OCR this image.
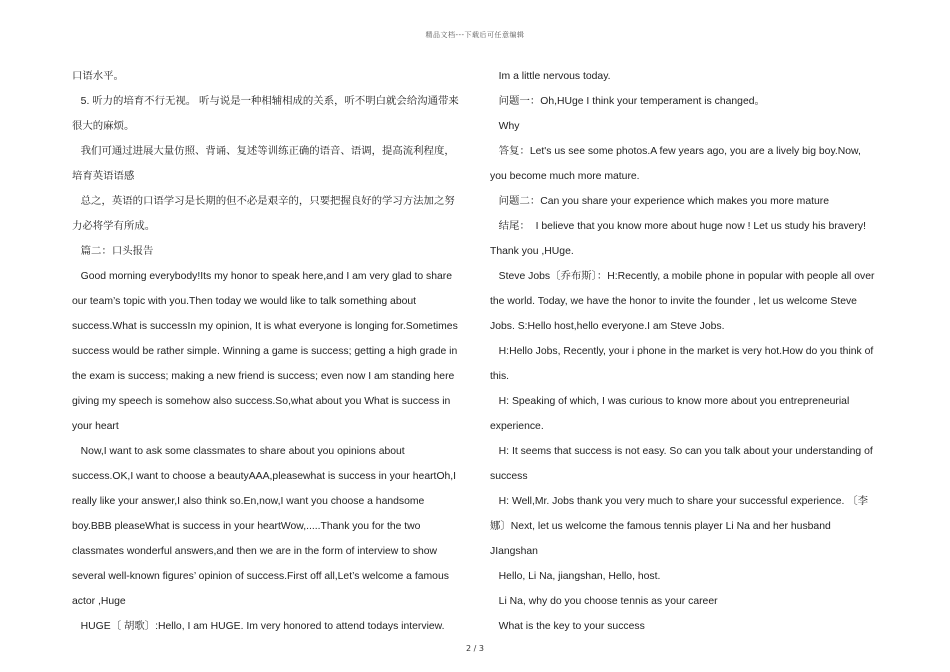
精品文档---下载后可任意编辑

口语水平。

5. 听力的培育不行无视。 听与说是一种相辅相成的关系，听不明白就会给沟通带来很大的麻烦。

我们可通过进展大量仿照、背诵、复述等训练正确的语音、语调，提高流利程度，培育英语语感

总之，英语的口语学习是长期的但不必是艰辛的，只要把握良好的学习方法加之努力必将学有所成。

篇二：口头报告

Good morning everybody!Its my honor to speak here,and I am very glad to share our team’s topic with you.Then today we would like to talk something about success.What is successIn my opinion, It is what everyone is longing for.Sometimes success would be rather simple. Winning a game is success; getting a high grade in the exam is success; making a new friend is success; even now I am standing here giving my speech is somehow also success.So,what about you What is success in your heart

Now,I want to ask some classmates to share about you opinions about success.OK,I want to choose a beautyAAA,pleasewhat is success in your heartOh,I really like your answer,I also think so.En,now,I want you choose a handsome boy.BBB pleaseWhat is success in your heartWow,.....Thank you for the two classmates wonderful answers,and then we are in the form of interview to show several well-known figures’ opinion of success.First off all,Let’s welcome a famous actor ,Huge

HUGE〔 胡歌〕:Hello, I am HUGE. Im very honored to attend todays interview.

Im a little nervous today.

问题一：Oh,HUge I think your temperament is changed。

Why

答复：Let's us see some photos.A few years ago, you are a lively big boy.Now, you become much more mature.

问题二：Can you share your experience which makes you more mature

结尾：  I believe that you know more about huge now ! Let us study his bravery! Thank you ,HUge.

Steve Jobs〔乔布斯〕：H:Recently, a mobile phone in popular with people all over the world. Today, we have the honor to invite the founder , let us welcome Steve Jobs. S:Hello host,hello everyone.I am Steve Jobs.

H:Hello Jobs, Recently, your i phone in the market is very hot.How do you think of this.

H: Speaking of which, I was curious to know more about you entrepreneurial experience.

H: It seems that success is not easy. So can you talk about your understanding of success

H: Well,Mr. Jobs thank you very much to share your successful experience. 〔李娜〕Next, let us welcome the famous tennis player Li Na and her husband JIangshan

Hello, Li Na, jiangshan, Hello, host.

Li Na, why do you choose tennis as your career

What is the key to your success

2 / 3
